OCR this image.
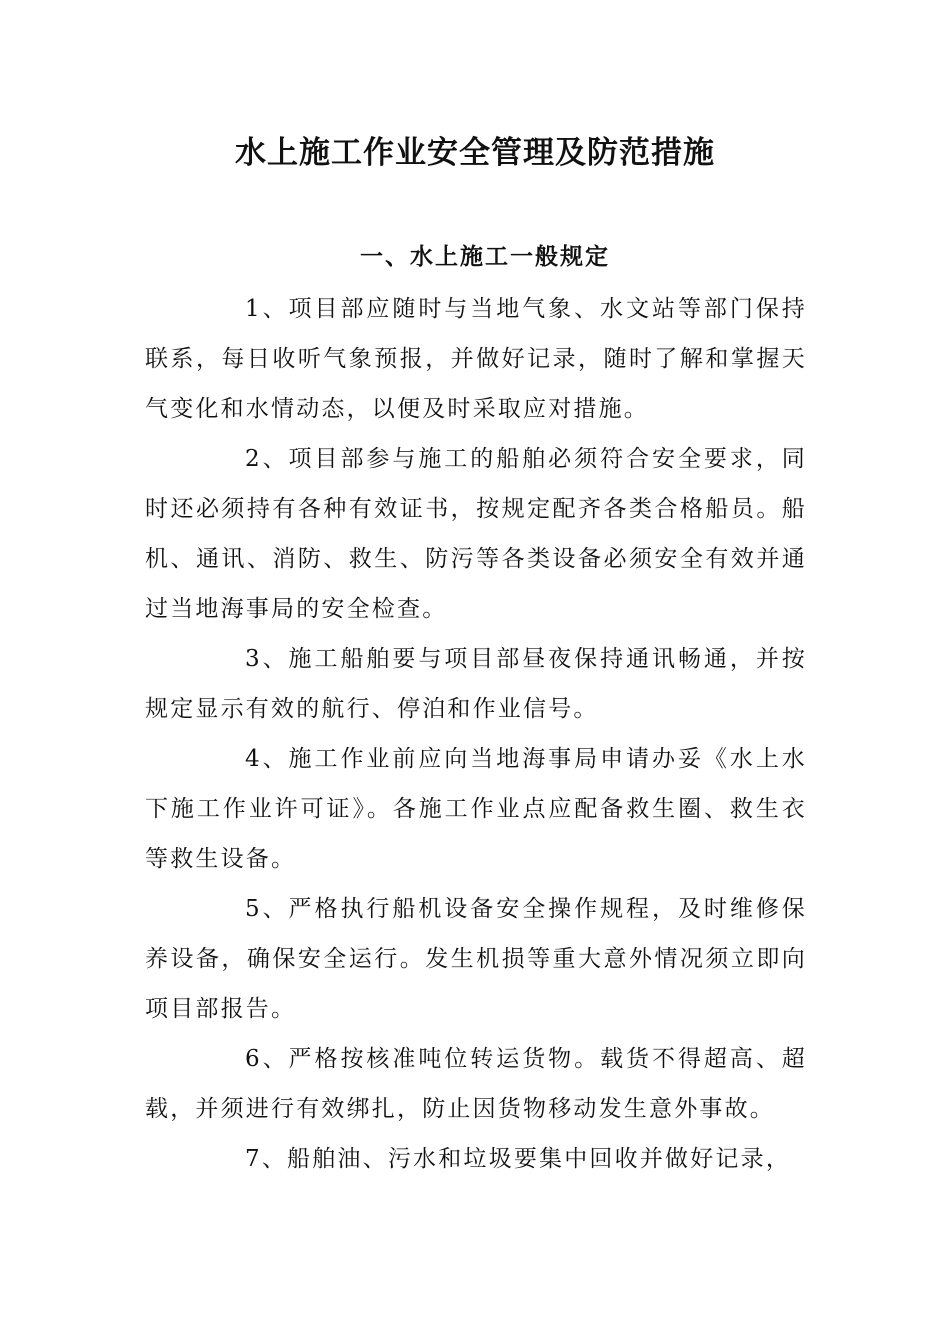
水上施工作业安全管理及防范措施
一、水上施工一般规定

1、项目部应随时与当地气象、水文站等部门保持联系，每日收听气象预报，并做好记录，随时了解和掌握天气变化和水情动态，以便及时采取应对措施。

2、项目部参与施工的船舶必须符合安全要求，同时还必须持有各种有效证书，按规定配齐各类合格船员。船机、通讯、消防、救生、防污等各类设备必须安全有效并通过当地海事局的安全检查。

3、施工船舶要与项目部昼夜保持通讯畅通，并按规定显示有效的航行、停泊和作业信号。

4、施工作业前应向当地海事局申请办妥《水上水下施工作业许可证》。各施工作业点应配备救生圈、救生衣等救生设备。

5、严格执行船机设备安全操作规程，及时维修保养设备，确保安全运行。发生机损等重大意外情况须立即向项目部报告。

6、严格按核准吨位转运货物。载货不得超高、超载，并须进行有效绑扎，防止因货物移动发生意外事故。

7、船舶油、污水和垃圾要集中回收并做好记录，
